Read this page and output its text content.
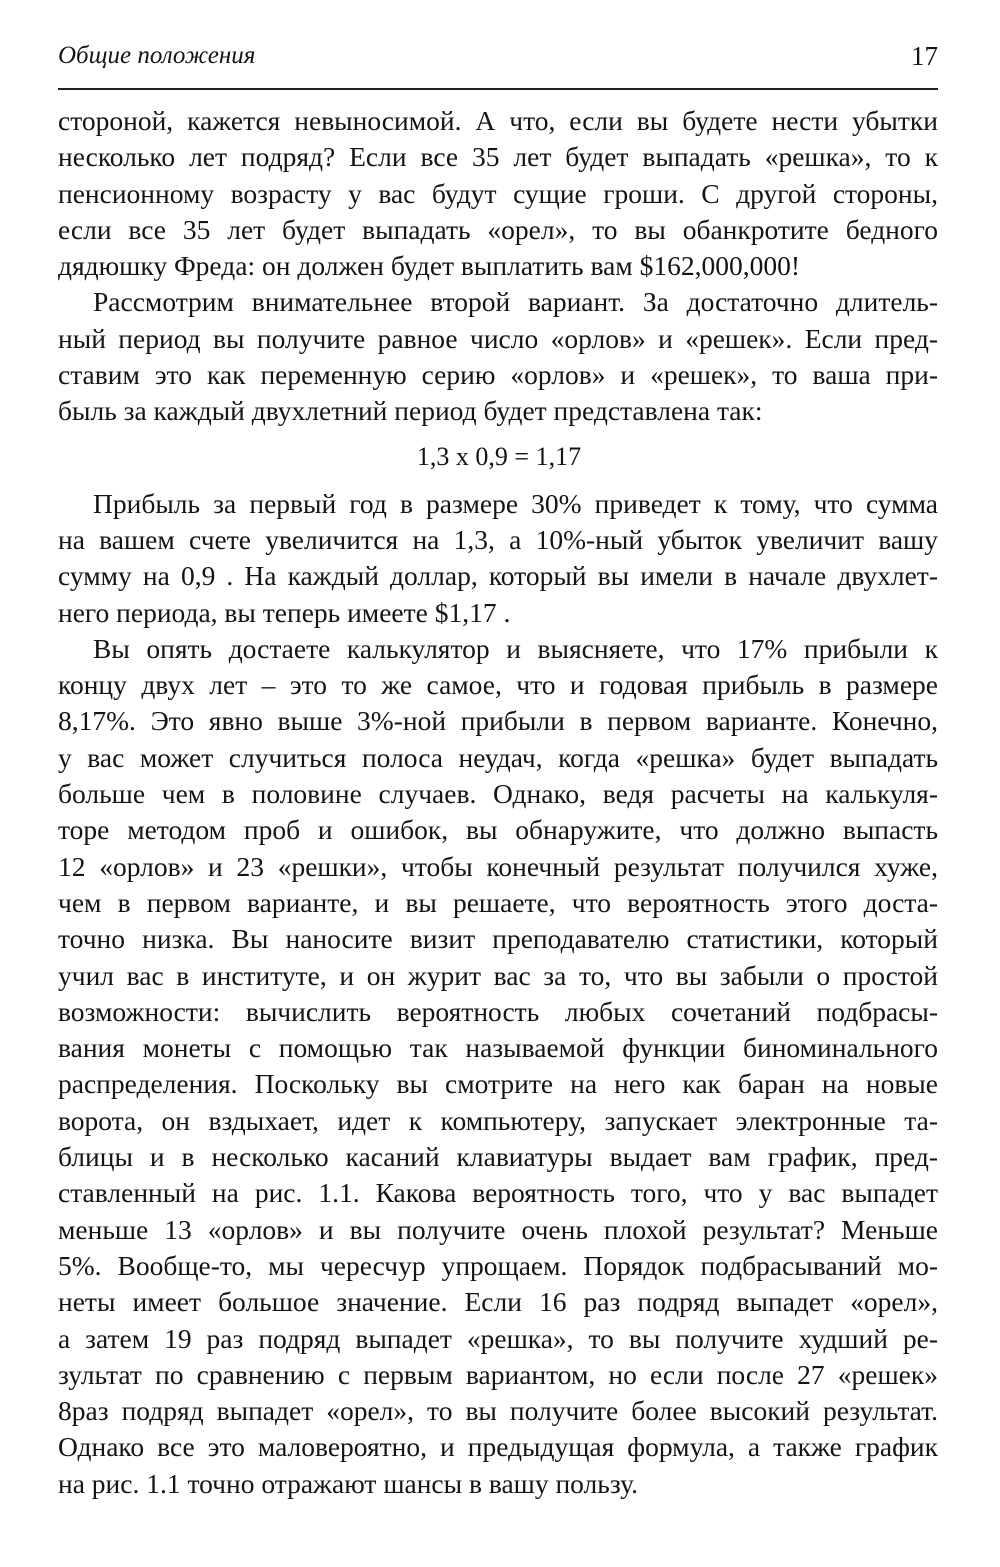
Общие положения	17
стороной, кажется невыносимой. А что, если вы будете нести убытки
несколько лет подряд? Если все 35 лет будет выпадать «решка», то к
пенсионному возрасту у вас будут сущие гроши. С другой стороны,
если все 35 лет будет выпадать «орел», то вы обанкротите бедного
дядюшку Фреда: он должен будет выплатить вам $162,000,000!
Рассмотрим внимательнее второй вариант. За достаточно длитель-
ный период вы получите равное число «орлов» и «решек». Если пред-
ставим это как переменную серию «орлов» и «решек», то ваша при-
быль за каждый двухлетний период будет представлена так:
1,3 х 0,9 = 1,17
Прибыль за первый год в размере 30% приведет к тому, что сумма
на вашем счете увеличится на 1,3, а 10%-ный убыток увеличит вашу
сумму на 0,9 . На каждый доллар, который вы имели в начале двухлет-
него периода, вы теперь имеете $1,17 .
Вы опять достаете калькулятор и выясняете, что 17% прибыли к
концу двух лет – это то же самое, что и годовая прибыль в размере
8,17%. Это явно выше 3%-ной прибыли в первом варианте. Конечно,
у вас может случиться полоса неудач, когда «решка» будет выпадать
больше чем в половине случаев. Однако, ведя расчеты на калькуля-
торе методом проб и ошибок, вы обнаружите, что должно выпасть
12 «орлов» и 23 «решки», чтобы конечный результат получился хуже,
чем в первом варианте, и вы решаете, что вероятность этого доста-
точно низка. Вы наносите визит преподавателю статистики, который
учил вас в институте, и он журит вас за то, что вы забыли о простой
возможности: вычислить вероятность любых сочетаний подбрасы-
вания монеты с помощью так называемой функции биноминального
распределения. Поскольку вы смотрите на него как баран на новые
ворота, он вздыхает, идет к компьютеру, запускает электронные та-
блицы и в несколько касаний клавиатуры выдает вам график, пред-
ставленный на рис. 1.1. Какова вероятность того, что у вас выпадет
меньше 13 «орлов» и вы получите очень плохой результат? Меньше
5%. Вообще-то, мы чересчур упрощаем. Порядок подбрасываний мо-
неты имеет большое значение. Если 16 раз подряд выпадет «орел»,
а затем 19 раз подряд выпадет «решка», то вы получите худший ре-
зультат по сравнению с первым вариантом, но если после 27 «решек»
8раз подряд выпадет «орел», то вы получите более высокий результат.
Однако все это маловероятно, и предыдущая формула, а также график
на рис. 1.1 точно отражают шансы в вашу пользу.
